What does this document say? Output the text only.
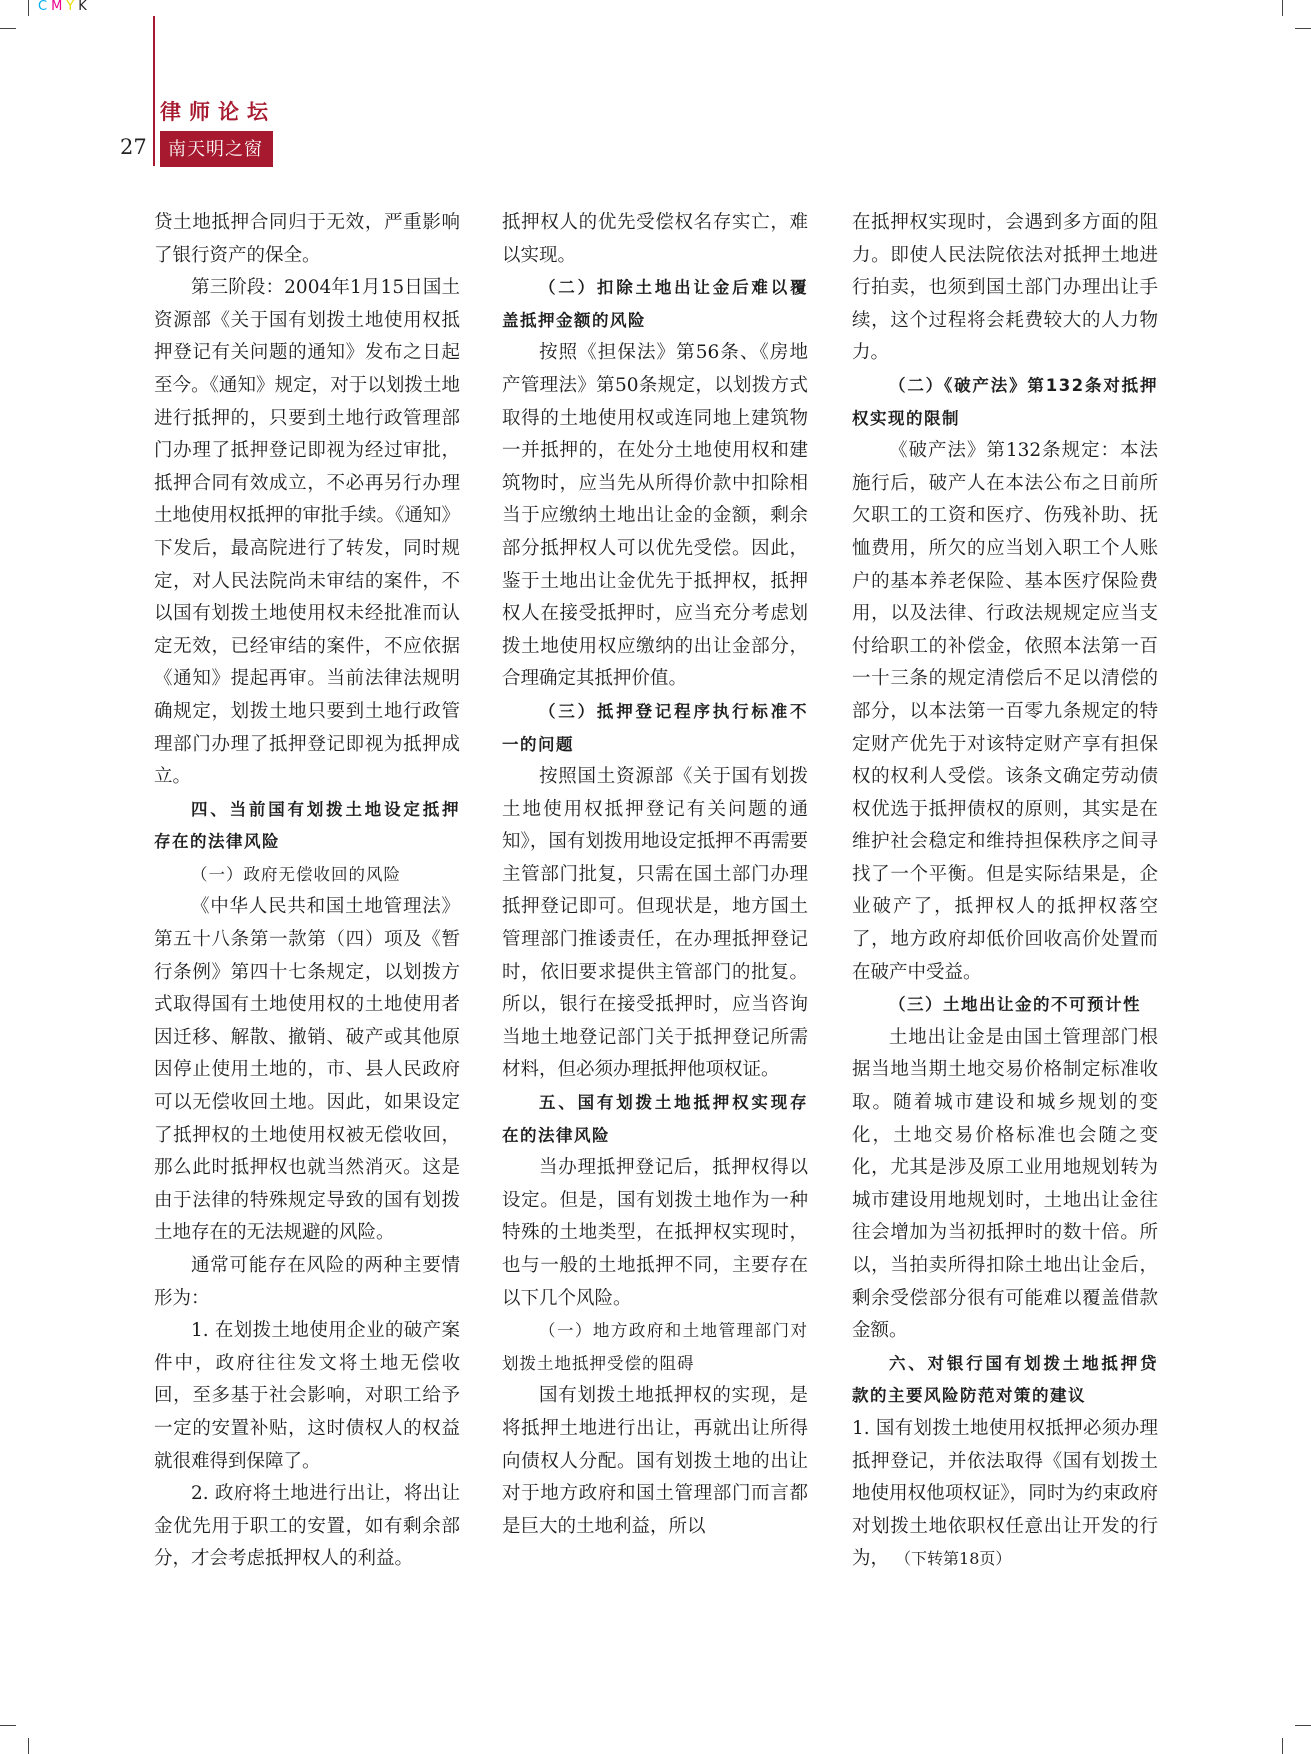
CMYK
律师论坛
27	南天明之窗

贷土地抵押合同归于无效，严重影响了银行资产的保全。

第三阶段：2004年1月15日国土资源部《关于国有划拨土地使用权抵押登记有关问题的通知》发布之日起至今。《通知》规定，对于以划拨土地进行抵押的，只要到土地行政管理部门办理了抵押登记即视为经过审批，抵押合同有效成立，不必再另行办理土地使用权抵押的审批手续。《通知》下发后，最高院进行了转发，同时规定，对人民法院尚未审结的案件，不以国有划拨土地使用权未经批准而认定无效，已经审结的案件，不应依据《通知》提起再审。当前法律法规明确规定，划拨土地只要到土地行政管理部门办理了抵押登记即视为抵押成立。

四、当前国有划拨土地设定抵押存在的法律风险

（一）政府无偿收回的风险

《中华人民共和国土地管理法》第五十八条第一款第（四）项及《暂行条例》第四十七条规定，以划拨方式取得国有土地使用权的土地使用者因迁移、解散、撤销、破产或其他原因停止使用土地的，市、县人民政府可以无偿收回土地。因此，如果设定了抵押权的土地使用权被无偿收回，那么此时抵押权也就当然消灭。这是由于法律的特殊规定导致的国有划拨土地存在的无法规避的风险。

通常可能存在风险的两种主要情形为：

1. 在划拨土地使用企业的破产案件中，政府往往发文将土地无偿收回，至多基于社会影响，对职工给予一定的安置补贴，这时债权人的权益就很难得到保障了。

2. 政府将土地进行出让，将出让金优先用于职工的安置，如有剩余部分，才会考虑抵押权人的利益。

抵押权人的优先受偿权名存实亡，难以实现。

（二）扣除土地出让金后难以覆盖抵押金额的风险

按照《担保法》第56条、《房地产管理法》第50条规定，以划拨方式取得的土地使用权或连同地上建筑物一并抵押的，在处分土地使用权和建筑物时，应当先从所得价款中扣除相当于应缴纳土地出让金的金额，剩余部分抵押权人可以优先受偿。因此，鉴于土地出让金优先于抵押权，抵押权人在接受抵押时，应当充分考虑划拨土地使用权应缴纳的出让金部分，合理确定其抵押价值。

（三）抵押登记程序执行标准不一的问题

按照国土资源部《关于国有划拨土地使用权抵押登记有关问题的通知》，国有划拨用地设定抵押不再需要主管部门批复，只需在国土部门办理抵押登记即可。但现状是，地方国土管理部门推诿责任，在办理抵押登记时，依旧要求提供主管部门的批复。所以，银行在接受抵押时，应当咨询当地土地登记部门关于抵押登记所需材料，但必须办理抵押他项权证。

五、国有划拨土地抵押权实现存在的法律风险

当办理抵押登记后，抵押权得以设定。但是，国有划拨土地作为一种特殊的土地类型，在抵押权实现时，也与一般的土地抵押不同，主要存在以下几个风险。

（一）地方政府和土地管理部门对划拨土地抵押受偿的阻碍

国有划拨土地抵押权的实现，是将抵押土地进行出让，再就出让所得向债权人分配。国有划拨土地的出让对于地方政府和国土管理部门而言都是巨大的土地利益，所以

在抵押权实现时，会遇到多方面的阻力。即使人民法院依法对抵押土地进行拍卖，也须到国土部门办理出让手续，这个过程将会耗费较大的人力物力。

（二）《破产法》第132条对抵押权实现的限制

《破产法》第132条规定：本法施行后，破产人在本法公布之日前所欠职工的工资和医疗、伤残补助、抚恤费用，所欠的应当划入职工个人账户的基本养老保险、基本医疗保险费用，以及法律、行政法规规定应当支付给职工的补偿金，依照本法第一百一十三条的规定清偿后不足以清偿的部分，以本法第一百零九条规定的特定财产优先于对该特定财产享有担保权的权利人受偿。该条文确定劳动债权优选于抵押债权的原则，其实是在维护社会稳定和维持担保秩序之间寻找了一个平衡。但是实际结果是，企业破产了，抵押权人的抵押权落空了，地方政府却低价回收高价处置而在破产中受益。

（三）土地出让金的不可预计性

土地出让金是由国土管理部门根据当地当期土地交易价格制定标准收取。随着城市建设和城乡规划的变化，土地交易价格标准也会随之变化，尤其是涉及原工业用地规划转为城市建设用地规划时，土地出让金往往会增加为当初抵押时的数十倍。所以，当拍卖所得扣除土地出让金后，剩余受偿部分很有可能难以覆盖借款金额。

六、对银行国有划拨土地抵押贷款的主要风险防范对策的建议

1. 国有划拨土地使用权抵押必须办理抵押登记，并依法取得《国有划拨土地使用权他项权证》，同时为约束政府对划拨土地依职权任意出让开发的行为， （下转第18页）
